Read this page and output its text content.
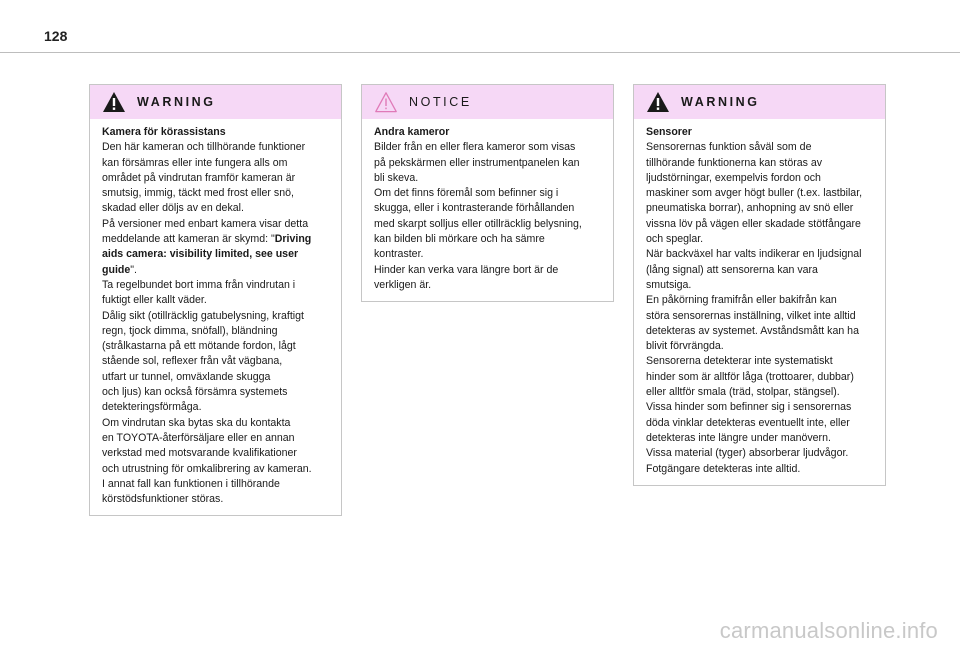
128
WARNING
Kamera för körassistans
Den här kameran och tillhörande funktioner
kan försämras eller inte fungera alls om
området på vindrutan framför kameran är
smutsig, immig, täckt med frost eller snö,
skadad eller döljs av en dekal.
På versioner med enbart kamera visar detta
meddelande att kameran är skymd: "Driving
aids camera: visibility limited, see user
guide".
Ta regelbundet bort imma från vindrutan i
fuktigt eller kallt väder.
Dålig sikt (otillräcklig gatubelysning, kraftigt
regn, tjock dimma, snöfall), bländning
(strålkastarna på ett mötande fordon, lågt
stående sol, reflexer från våt vägbana,
utfart ur tunnel, omväxlande skugga
och ljus) kan också försämra systemets
detekteringsförmåga.
Om vindrutan ska bytas ska du kontakta
en TOYOTA-återförsäljare eller en annan
verkstad med motsvarande kvalifikationer
och utrustning för omkalibrering av kameran.
I annat fall kan funktionen i tillhörande
körstödsfunktioner störas.
NOTICE
Andra kameror
Bilder från en eller flera kameror som visas
på pekskärmen eller instrumentpanelen kan
bli skeva.
Om det finns föremål som befinner sig i
skugga, eller i kontrasterande förhållanden
med skarpt solljus eller otillräcklig belysning,
kan bilden bli mörkare och ha sämre
kontraster.
Hinder kan verka vara längre bort är de
verkligen är.
WARNING
Sensorer
Sensorernas funktion såväl som de
tillhörande funktionerna kan störas av
ljudstörningar, exempelvis fordon och
maskiner som avger högt buller (t.ex. lastbilar,
pneumatiska borrar), anhopning av snö eller
vissna löv på vägen eller skadade stötfångare
och speglar.
När backväxel har valts indikerar en ljudsignal
(lång signal) att sensorerna kan vara
smutsiga.
En påkörning framifrån eller bakifrån kan
störa sensorernas inställning, vilket inte alltid
detekteras av systemet. Avståndsmått kan ha
blivit förvrängda.
Sensorerna detekterar inte systematiskt
hinder som är alltför låga (trottoarer, dubbar)
eller alltför smala (träd, stolpar, stängsel).
Vissa hinder som befinner sig i sensorernas
döda vinklar detekteras eventuellt inte, eller
detekteras inte längre under manövern.
Vissa material (tyger) absorberar ljudvågor.
Fotgängare detekteras inte alltid.
carmanualsonline.info
